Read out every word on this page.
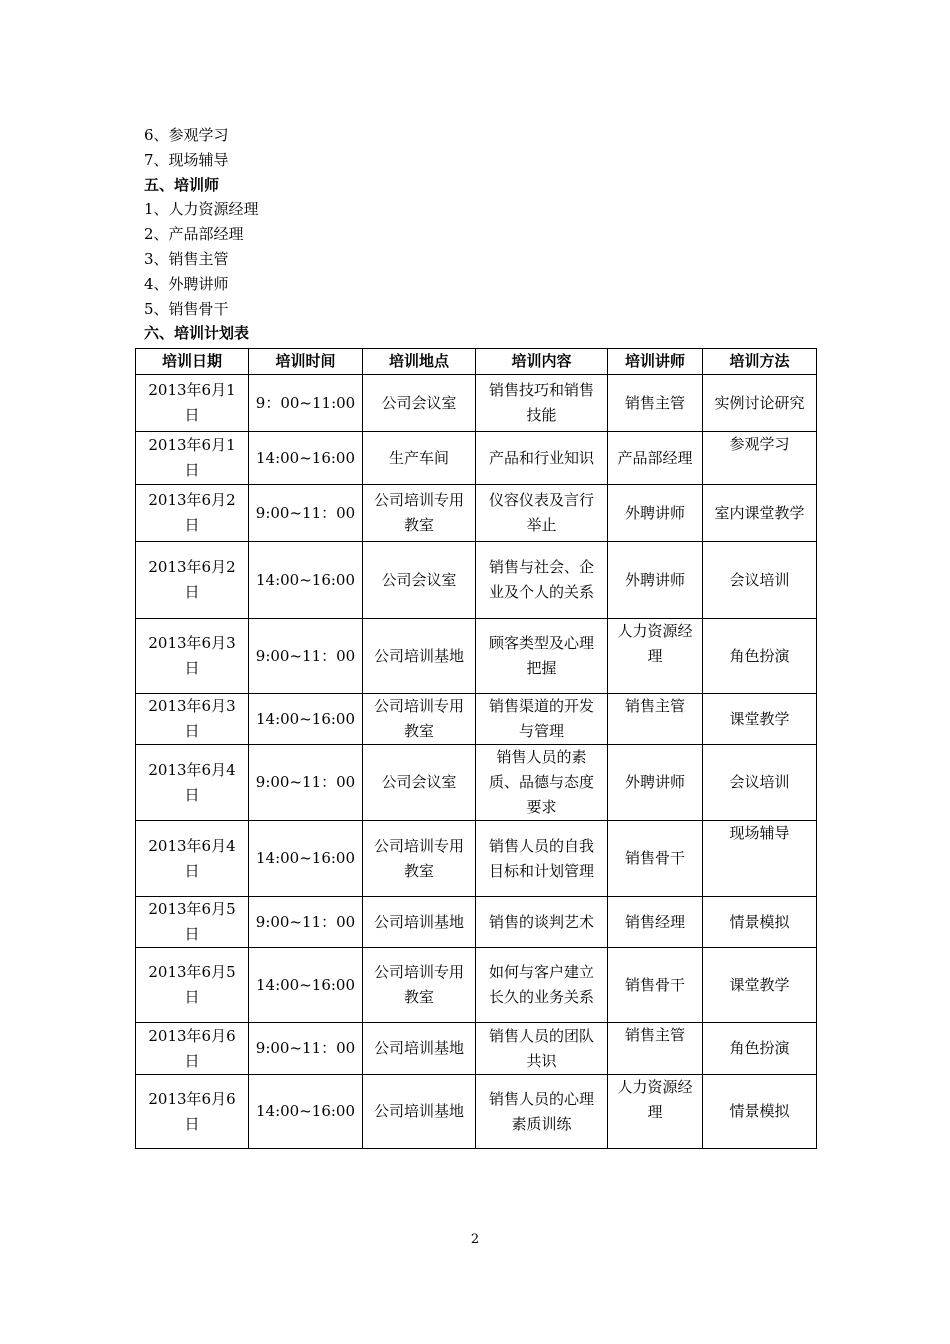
6、参观学习
7、现场辅导
五、培训师
1、人力资源经理
2、产品部经理
3、销售主管
4、外聘讲师
5、销售骨干
六、培训计划表
培训日期	培训时间	培训地点	培训内容	培训讲师	培训方法
2013年6月1日	9：00~11:00	公司会议室	销售技巧和销售技能	销售主管	实例讨论研究
2013年6月1日	14:00~16:00	生产车间	产品和行业知识	产品部经理	参观学习
2013年6月2日	9:00~11：00	公司培训专用教室	仪容仪表及言行举止	外聘讲师	室内课堂教学
2013年6月2日	14:00~16:00	公司会议室	销售与社会、企业及个人的关系	外聘讲师	会议培训
2013年6月3日	9:00~11：00	公司培训基地	顾客类型及心理把握	人力资源经理	角色扮演
2013年6月3日	14:00~16:00	公司培训专用教室	销售渠道的开发与管理	销售主管	课堂教学
2013年6月4日	9:00~11：00	公司会议室	销售人员的素质、品德与态度要求	外聘讲师	会议培训
2013年6月4日	14:00~16:00	公司培训专用教室	销售人员的自我目标和计划管理	销售骨干	现场辅导
2013年6月5日	9:00~11：00	公司培训基地	销售的谈判艺术	销售经理	情景模拟
2013年6月5日	14:00~16:00	公司培训专用教室	如何与客户建立长久的业务关系	销售骨干	课堂教学
2013年6月6日	9:00~11：00	公司培训基地	销售人员的团队共识	销售主管	角色扮演
2013年6月6日	14:00~16:00	公司培训基地	销售人员的心理素质训练	人力资源经理	情景模拟
2
